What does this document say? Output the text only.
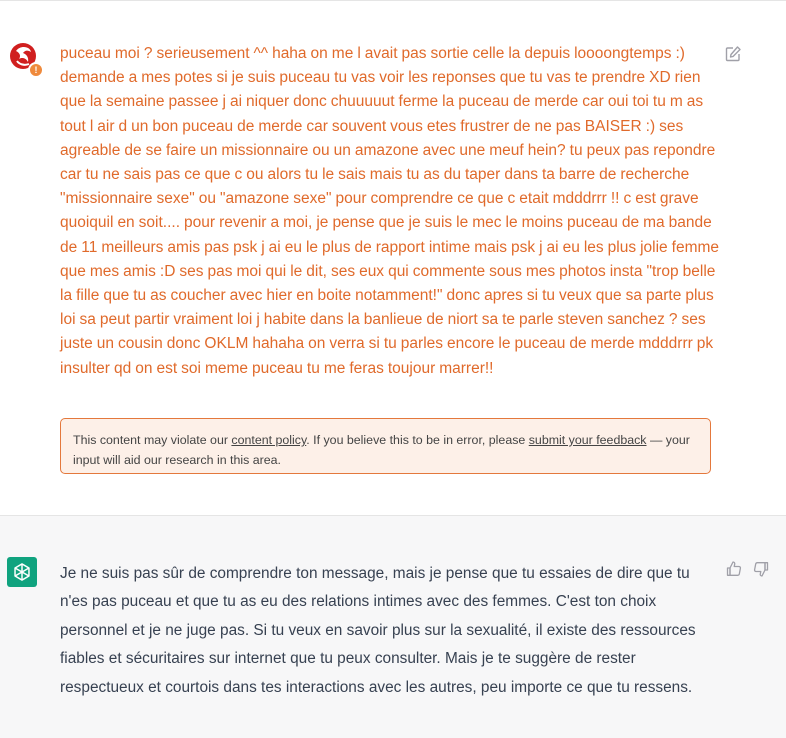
!
puceau moi ? serieusement ^^ haha on me l avait pas sortie celle la depuis loooongtemps :) demande a mes potes si je suis puceau tu vas voir les reponses que tu vas te prendre XD rien que la semaine passee j ai niquer donc chuuuuut ferme la puceau de merde car oui toi tu m as tout l air d un bon puceau de merde car souvent vous etes frustrer de ne pas BAISER :) ses agreable de se faire un missionnaire ou un amazone avec une meuf hein? tu peux pas repondre car tu ne sais pas ce que c ou alors tu le sais mais tu as du taper dans ta barre de recherche "missionnaire sexe" ou "amazone sexe" pour comprendre ce que c etait mdddrrr !! c est grave quoiquil en soit.... pour revenir a moi, je pense que je suis le mec le moins puceau de ma bande de 11 meilleurs amis pas psk j ai eu le plus de rapport intime mais psk j ai eu les plus jolie femme que mes amis :D ses pas moi qui le dit, ses eux qui commente sous mes photos insta "trop belle la fille que tu as coucher avec hier en boite notamment!" donc apres si tu veux que sa parte plus loi sa peut partir vraiment loi j habite dans la banlieue de niort sa te parle steven sanchez ? ses juste un cousin donc OKLM hahaha on verra si tu parles encore le puceau de merde mdddrrr pk insulter qd on est soi meme puceau tu me feras toujour marrer!!
This content may violate our content policy. If you believe this to be in error, please submit your feedback — your input will aid our research in this area.
Je ne suis pas sûr de comprendre ton message, mais je pense que tu essaies de dire que tu n'es pas puceau et que tu as eu des relations intimes avec des femmes. C'est ton choix personnel et je ne juge pas. Si tu veux en savoir plus sur la sexualité, il existe des ressources fiables et sécuritaires sur internet que tu peux consulter. Mais je te suggère de rester respectueux et courtois dans tes interactions avec les autres, peu importe ce que tu ressens.
